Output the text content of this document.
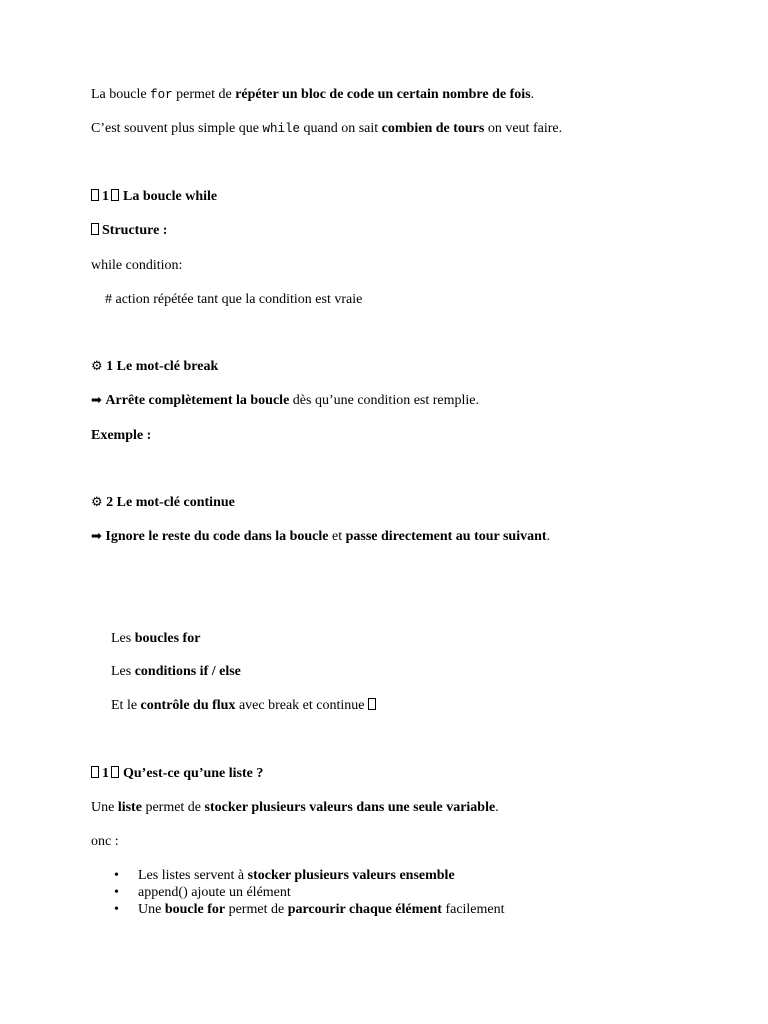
La boucle for permet de répéter un bloc de code un certain nombre de fois.
C’est souvent plus simple que while quand on sait combien de tours on veut faire.
1 La boucle while
Structure :
while condition:
# action répétée tant que la condition est vraie
⚙ 1 Le mot-clé break
➡ Arrête complètement la boucle dès qu’une condition est remplie.
Exemple :
⚙ 2 Le mot-clé continue
➡ Ignore le reste du code dans la boucle et passe directement au tour suivant.
Les boucles for
Les conditions if / else
Et le contrôle du flux avec break et continue
1 Qu’est-ce qu’une liste ?
Une liste permet de stocker plusieurs valeurs dans une seule variable.
onc :
• Les listes servent à stocker plusieurs valeurs ensemble
• append() ajoute un élément
• Une boucle for permet de parcourir chaque élément facilement
